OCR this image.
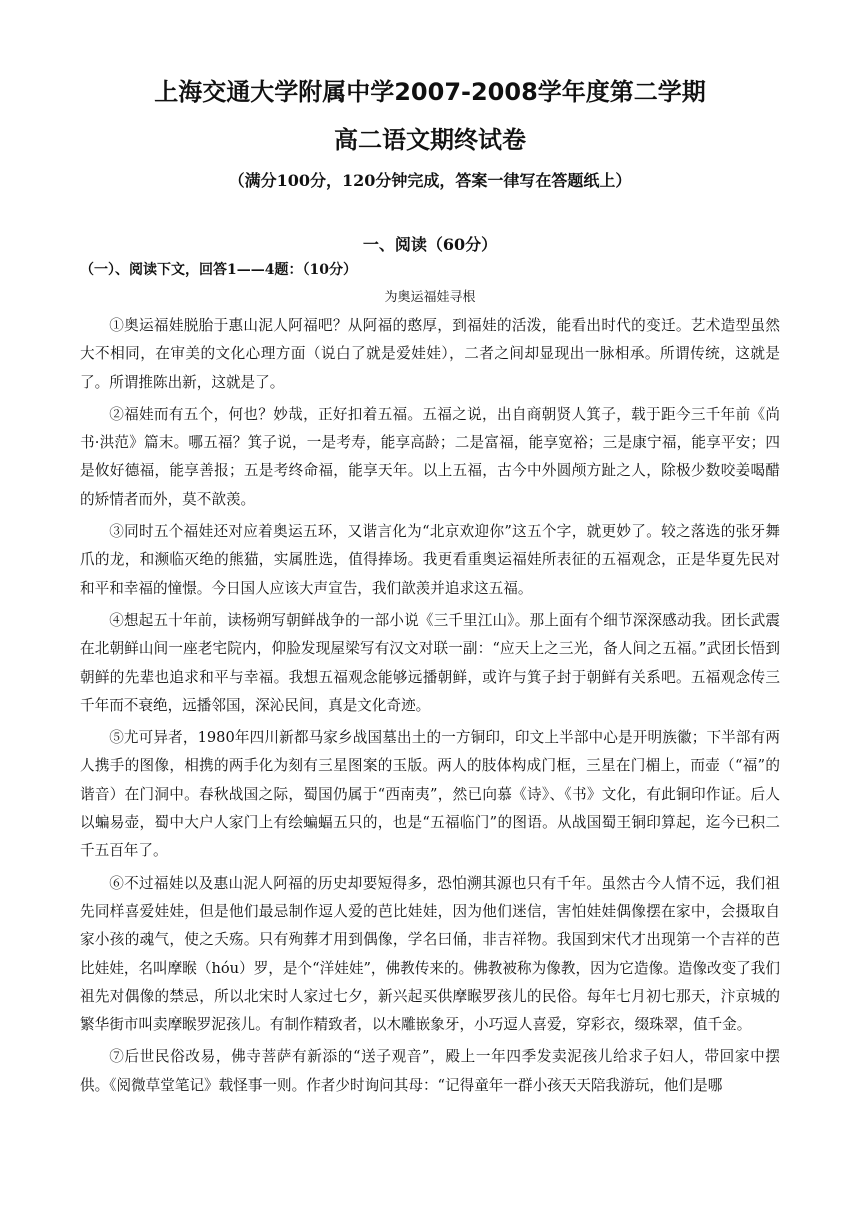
上海交通大学附属中学2007-2008学年度第二学期
高二语文期终试卷

（满分100分，120分钟完成，答案一律写在答题纸上）

一、阅读（60分）

（一）、阅读下文，回答1——4题：（10分）

为奥运福娃寻根

①奥运福娃脱胎于惠山泥人阿福吧？从阿福的憨厚，到福娃的活泼，能看出时代的变迁。艺术造型虽然大不相同，在审美的文化心理方面（说白了就是爱娃娃），二者之间却显现出一脉相承。所谓传统，这就是了。所谓推陈出新，这就是了。

②福娃而有五个，何也？妙哉，正好扣着五福。五福之说，出自商朝贤人箕子，载于距今三千年前《尚书·洪范》篇末。哪五福？箕子说，一是考寿，能享高龄；二是富福，能享宽裕；三是康宁福，能享平安；四是攸好德福，能享善报；五是考终命福，能享天年。以上五福，古今中外圆颅方趾之人，除极少数咬姜喝醋的矫情者而外，莫不歆羡。

③同时五个福娃还对应着奥运五环，又谐言化为“北京欢迎你”这五个字，就更妙了。较之落选的张牙舞爪的龙，和濒临灭绝的熊猫，实属胜选，值得捧场。我更看重奥运福娃所表征的五福观念，正是华夏先民对和平和幸福的憧憬。今日国人应该大声宣告，我们歆羡并追求这五福。

④想起五十年前，读杨朔写朝鲜战争的一部小说《三千里江山》。那上面有个细节深深感动我。团长武震在北朝鲜山间一座老宅院内，仰脸发现屋梁写有汉文对联一副：“应天上之三光，备人间之五福。”武团长悟到朝鲜的先辈也追求和平与幸福。我想五福观念能够远播朝鲜，或许与箕子封于朝鲜有关系吧。五福观念传三千年而不衰绝，远播邻国，深沁民间，真是文化奇迹。

⑤尤可异者，1980年四川新都马家乡战国墓出土的一方铜印，印文上半部中心是开明族徽；下半部有两人携手的图像，相携的两手化为刻有三星图案的玉版。两人的肢体构成门框，三星在门楣上，而壶（“福”的谐音）在门洞中。春秋战国之际，蜀国仍属于“西南夷”，然已向慕《诗》、《书》文化，有此铜印作证。后人以蝙易壶，蜀中大户人家门上有绘蝙蝠五只的，也是“五福临门”的图语。从战国蜀王铜印算起，迄今已积二千五百年了。

⑥不过福娃以及惠山泥人阿福的历史却要短得多，恐怕溯其源也只有千年。虽然古今人情不远，我们祖先同样喜爱娃娃，但是他们最忌制作逗人爱的芭比娃娃，因为他们迷信，害怕娃娃偶像摆在家中，会摄取自家小孩的魂气，使之夭殇。只有殉葬才用到偶像，学名曰俑，非吉祥物。我国到宋代才出现第一个吉祥的芭比娃娃，名叫摩睺（hóu）罗，是个“洋娃娃”，佛教传来的。佛教被称为像教，因为它造像。造像改变了我们祖先对偶像的禁忌，所以北宋时人家过七夕，新兴起买供摩睺罗孩儿的民俗。每年七月初七那天，汴京城的繁华街市叫卖摩睺罗泥孩儿。有制作精致者，以木雕嵌象牙，小巧逗人喜爱，穿彩衣，缀珠翠，值千金。

⑦后世民俗改易，佛寺菩萨有新添的“送子观音”，殿上一年四季发卖泥孩儿给求子妇人，带回家中摆供。《阅微草堂笔记》载怪事一则。作者少时询问其母：“记得童年一群小孩天天陪我游玩，他们是哪
